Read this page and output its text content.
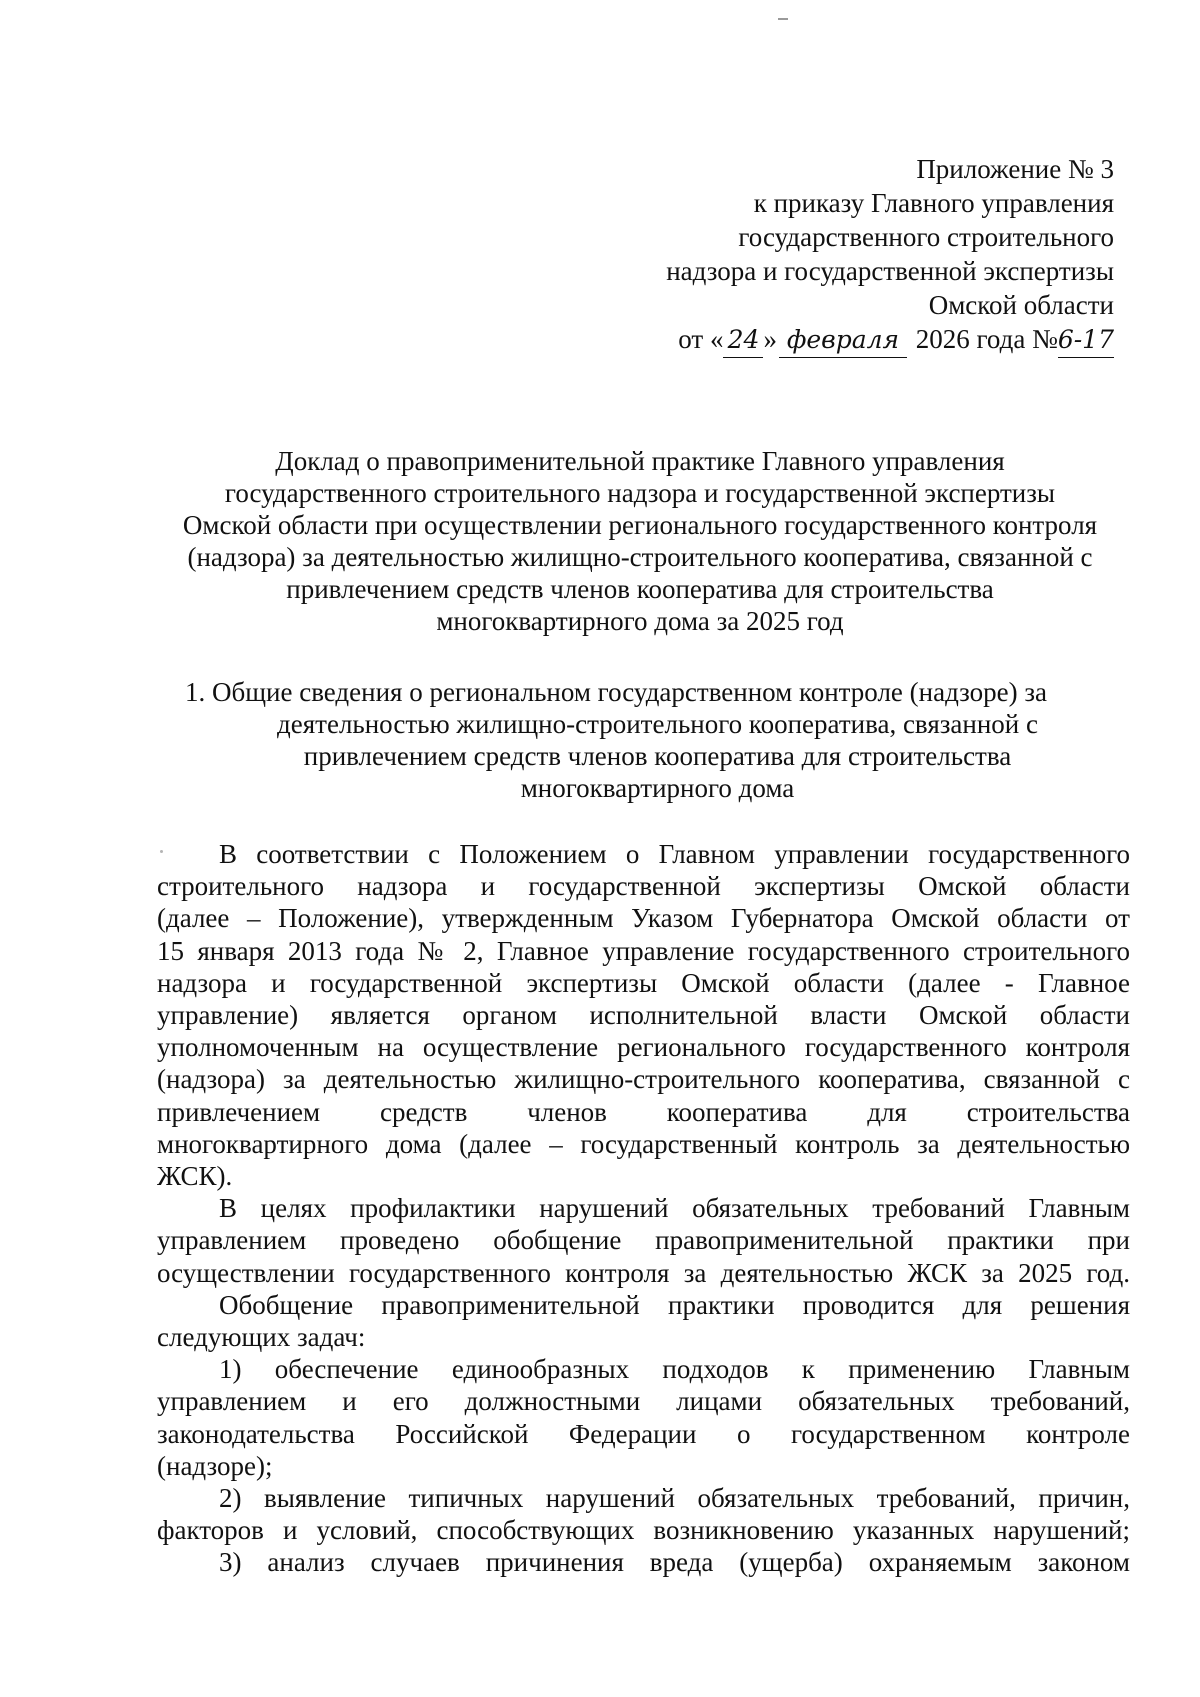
Приложение № 3
к приказу Главного управления
государственного строительного
надзора и государственной экспертизы
Омской области
от « 24 » февраля 2026 года №6-17
Доклад о правоприменительной практике Главного управления
государственного строительного надзора и государственной экспертизы
Омской области при осуществлении регионального государственного контроля
(надзора) за деятельностью жилищно-строительного кооператива, связанной с
привлечением средств членов кооператива для строительства
многоквартирного дома за 2025 год
1. Общие сведения о региональном государственном контроле (надзоре) за
деятельностью жилищно-строительного кооператива, связанной с
привлечением средств членов кооператива для строительства
многоквартирного дома
В соответствии с Положением о Главном управлении государственного
строительного надзора и государственной экспертизы Омской области
(далее – Положение), утвержденным Указом Губернатора Омской области от
15 января 2013 года № 2, Главное управление государственного строительного
надзора и государственной экспертизы Омской области (далее - Главное
управление) является органом исполнительной власти Омской области
уполномоченным на осуществление регионального государственного контроля
(надзора) за деятельностью жилищно-строительного кооператива, связанной с
привлечением средств членов кооператива для строительства
многоквартирного дома (далее – государственный контроль за деятельностью
ЖСК).
В целях профилактики нарушений обязательных требований Главным
управлением проведено обобщение правоприменительной практики при
осуществлении государственного контроля за деятельностью ЖСК за 2025 год.
Обобщение правоприменительной практики проводится для решения
следующих задач:
1) обеспечение единообразных подходов к применению Главным
управлением и его должностными лицами обязательных требований,
законодательства Российской Федерации о государственном контроле
(надзоре);
2) выявление типичных нарушений обязательных требований, причин,
факторов и условий, способствующих возникновению указанных нарушений;
3) анализ случаев причинения вреда (ущерба) охраняемым законом
